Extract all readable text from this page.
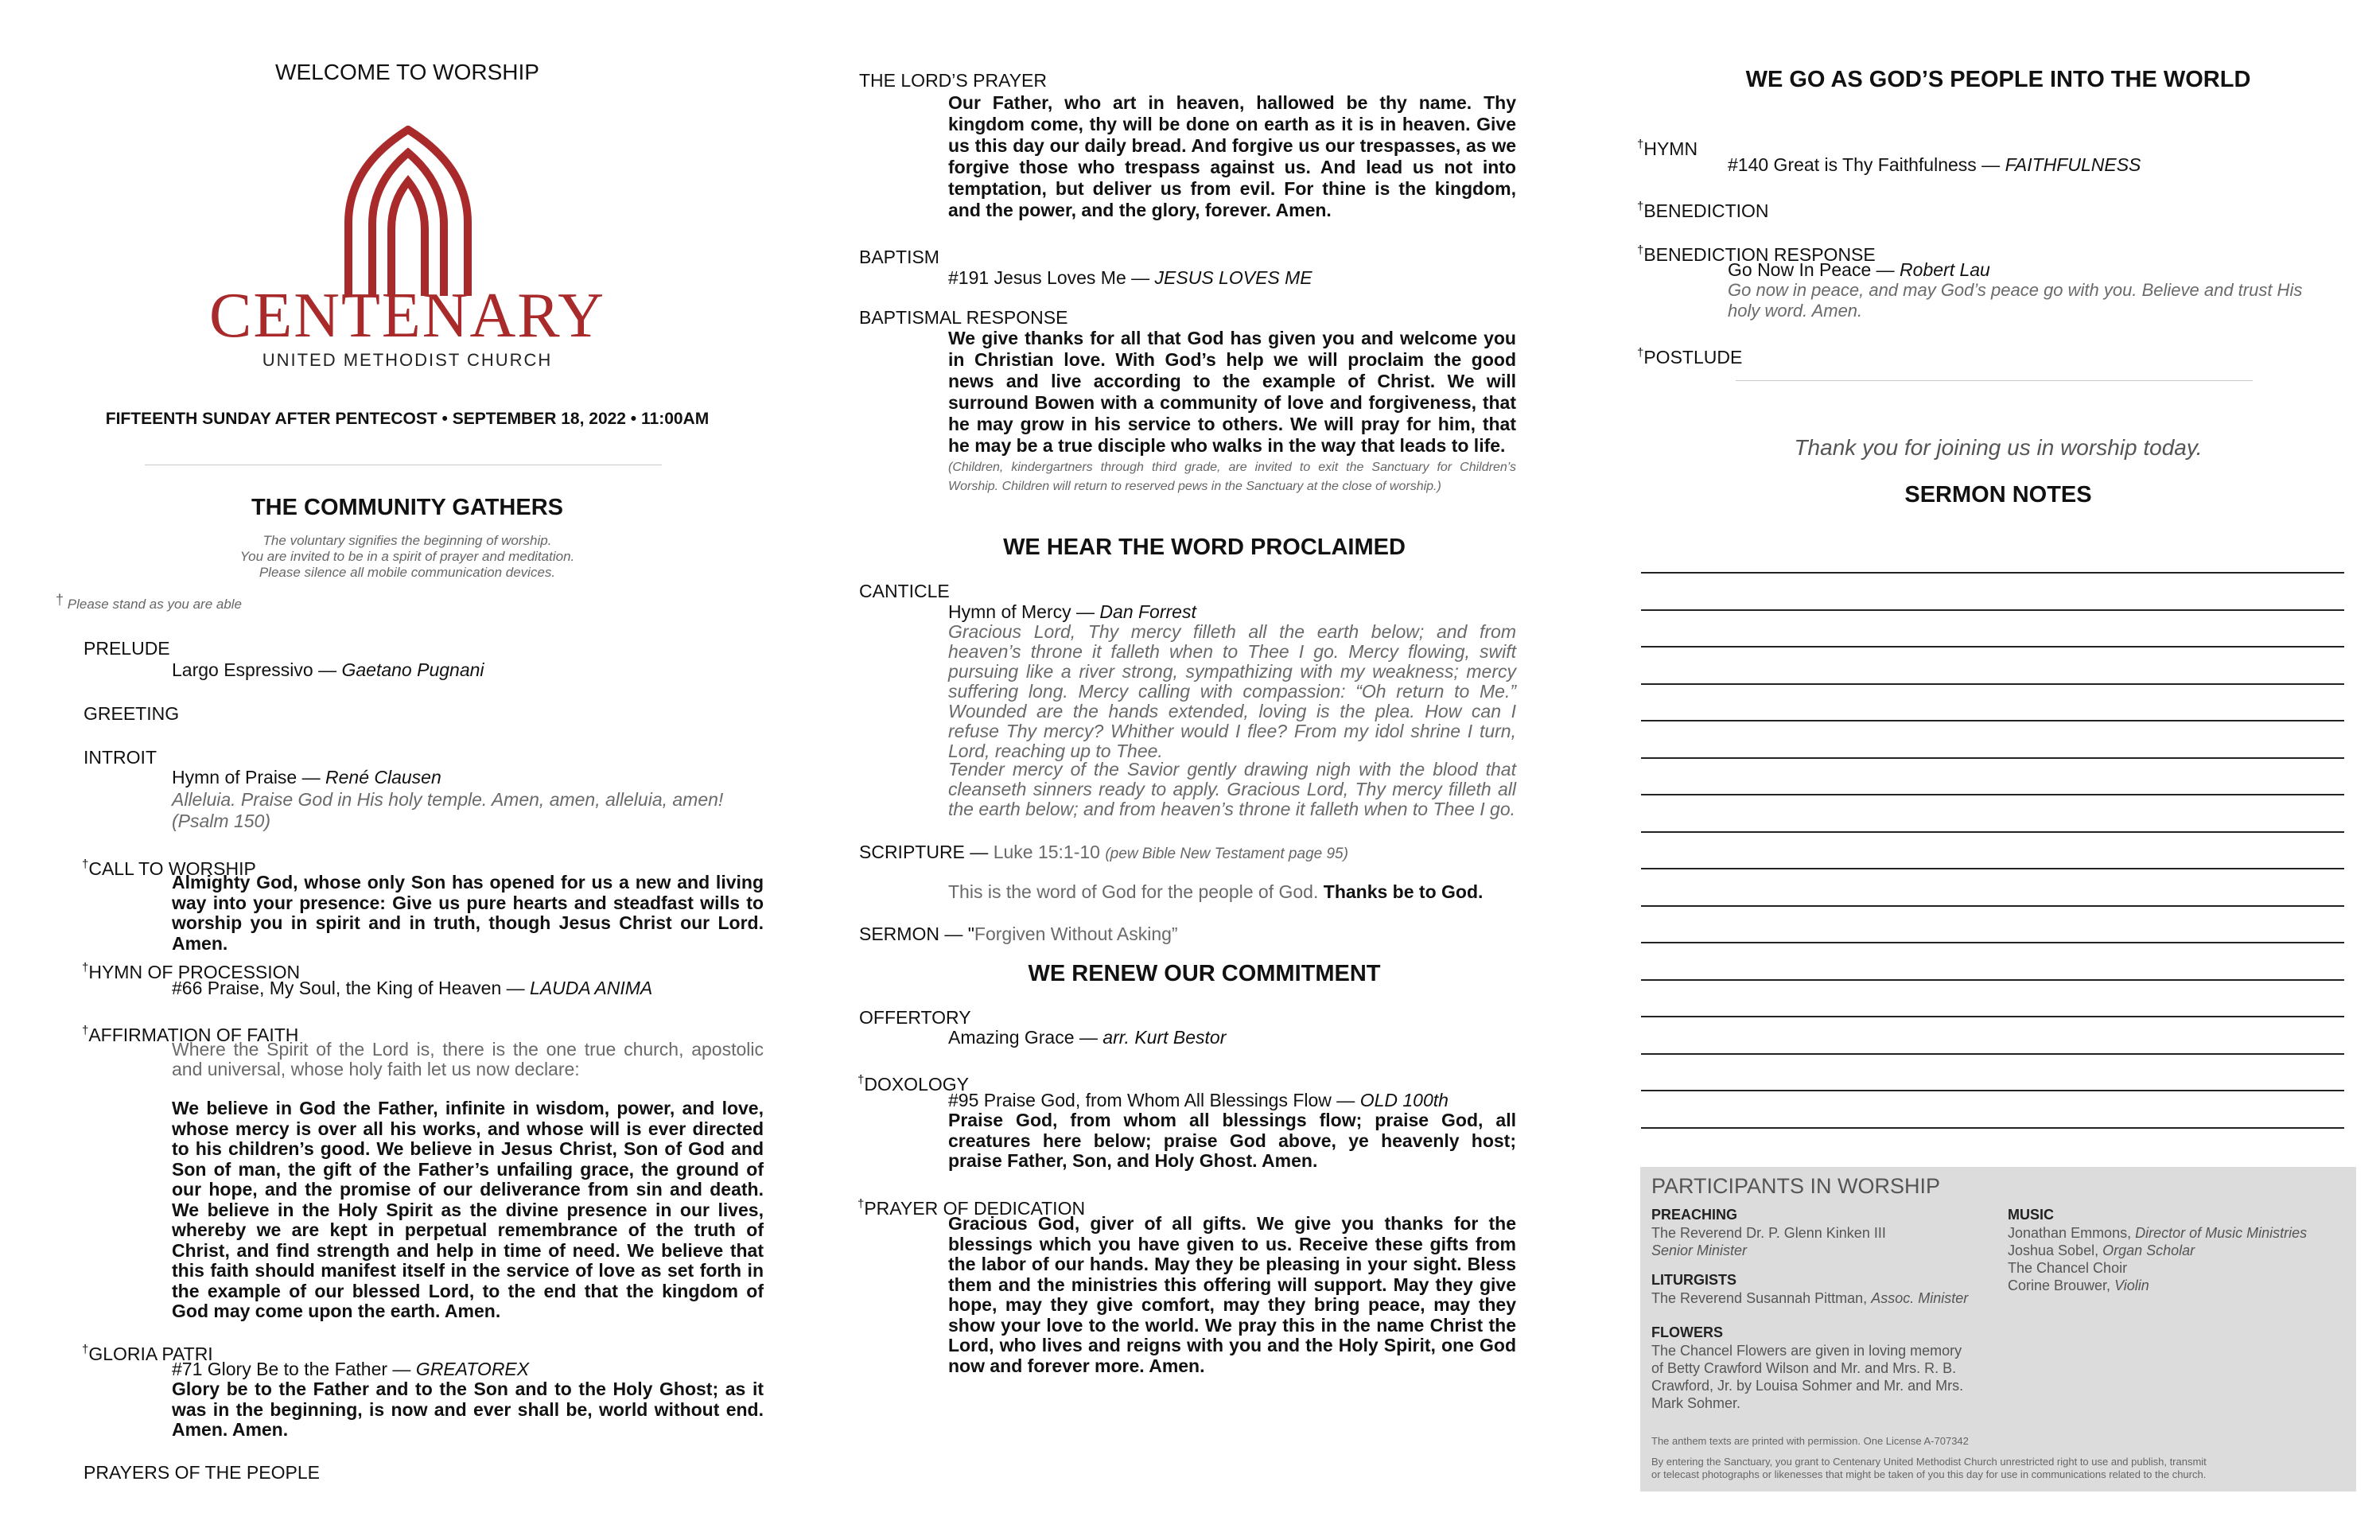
WELCOME TO WORSHIP
CENTENARY
UNITED METHODIST CHURCH
FIFTEENTH SUNDAY AFTER PENTECOST • SEPTEMBER 18, 2022 • 11:00AM
THE COMMUNITY GATHERS
The voluntary signifies the beginning of worship.
You are invited to be in a spirit of prayer and meditation.
Please silence all mobile communication devices.
† Please stand as you are able
PRELUDE
Largo Espressivo — Gaetano Pugnani
GREETING
INTROIT
Hymn of Praise — René Clausen
Alleluia. Praise God in His holy temple. Amen, amen, alleluia, amen!
(Psalm 150)
†CALL TO WORSHIP
Almighty God, whose only Son has opened for us a new and living way into your presence: Give us pure hearts and steadfast wills to worship you in spirit and in truth, though Jesus Christ our Lord. Amen.
†HYMN OF PROCESSION
#66 Praise, My Soul, the King of Heaven — LAUDA ANIMA
†AFFIRMATION OF FAITH
Where the Spirit of the Lord is, there is the one true church, apostolic and universal, whose holy faith let us now declare:
We believe in God the Father, infinite in wisdom, power, and love, whose mercy is over all his works, and whose will is ever directed to his children’s good. We believe in Jesus Christ, Son of God and Son of man, the gift of the Father’s unfailing grace, the ground of our hope, and the promise of our deliverance from sin and death. We believe in the Holy Spirit as the divine presence in our lives, whereby we are kept in perpetual remembrance of the truth of Christ, and find strength and help in time of need. We believe that this faith should manifest itself in the service of love as set forth in the example of our blessed Lord, to the end that the kingdom of God may come upon the earth. Amen.
†GLORIA PATRI
#71 Glory Be to the Father — GREATOREX
Glory be to the Father and to the Son and to the Holy Ghost; as it was in the beginning, is now and ever shall be, world without end. Amen. Amen.
PRAYERS OF THE PEOPLE
THE LORD’S PRAYER
Our Father, who art in heaven, hallowed be thy name. Thy kingdom come, thy will be done on earth as it is in heaven. Give us this day our daily bread. And forgive us our trespasses, as we forgive those who trespass against us. And lead us not into temptation, but deliver us from evil. For thine is the kingdom, and the power, and the glory, forever. Amen.
BAPTISM
#191 Jesus Loves Me — JESUS LOVES ME
BAPTISMAL RESPONSE
We give thanks for all that God has given you and welcome you in Christian love. With God’s help we will proclaim the good news and live according to the example of Christ. We will surround Bowen with a community of love and forgiveness, that he may grow in his service to others. We will pray for him, that he may be a true disciple who walks in the way that leads to life.
(Children, kindergartners through third grade, are invited to exit the Sanctuary for Children’s Worship. Children will return to reserved pews in the Sanctuary at the close of worship.)
WE HEAR THE WORD PROCLAIMED
CANTICLE
Hymn of Mercy — Dan Forrest
Gracious Lord, Thy mercy filleth all the earth below; and from heaven’s throne it falleth when to Thee I go. Mercy flowing, swift pursuing like a river strong, sympathizing with my weakness; mercy suffering long. Mercy calling with compassion: “Oh return to Me.” Wounded are the hands extended, loving is the plea. How can I refuse Thy mercy? Whither would I flee? From my idol shrine I turn, Lord, reaching up to Thee.
Tender mercy of the Savior gently drawing nigh with the blood that cleanseth sinners ready to apply. Gracious Lord, Thy mercy filleth all the earth below; and from heaven’s throne it falleth when to Thee I go.
SCRIPTURE — Luke 15:1-10 (pew Bible New Testament page 95)
This is the word of God for the people of God. Thanks be to God.
SERMON — "Forgiven Without Asking”
WE RENEW OUR COMMITMENT
OFFERTORY
Amazing Grace — arr. Kurt Bestor
†DOXOLOGY
#95 Praise God, from Whom All Blessings Flow — OLD 100th
Praise God, from whom all blessings flow; praise God, all creatures here below; praise God above, ye heavenly host; praise Father, Son, and Holy Ghost. Amen.
†PRAYER OF DEDICATION
Gracious God, giver of all gifts. We give you thanks for the blessings which you have given to us. Receive these gifts from the labor of our hands. May they be pleasing in your sight. Bless them and the ministries this offering will support. May they give hope, may they give comfort, may they bring peace, may they show your love to the world. We pray this in the name Christ the Lord, who lives and reigns with you and the Holy Spirit, one God now and forever more. Amen.
WE GO AS GOD’S PEOPLE INTO THE WORLD
†HYMN
#140 Great is Thy Faithfulness — FAITHFULNESS
†BENEDICTION
†BENEDICTION RESPONSE
Go Now In Peace — Robert Lau
Go now in peace, and may God’s peace go with you. Believe and trust His holy word. Amen.
†POSTLUDE
Thank you for joining us in worship today.
SERMON NOTES
PARTICIPANTS IN WORSHIP
PREACHING
The Reverend Dr. P. Glenn Kinken III
Senior Minister
LITURGISTS
The Reverend Susannah Pittman, Assoc. Minister
FLOWERS
The Chancel Flowers are given in loving memory
of Betty Crawford Wilson and Mr. and Mrs. R. B.
Crawford, Jr. by Louisa Sohmer and Mr. and Mrs.
Mark Sohmer.
MUSIC
Jonathan Emmons, Director of Music Ministries
Joshua Sobel, Organ Scholar
The Chancel Choir
Corine Brouwer, Violin
The anthem texts are printed with permission. One License A-707342
By entering the Sanctuary, you grant to Centenary United Methodist Church unrestricted right to use and publish, transmit
or telecast photographs or likenesses that might be taken of you this day for use in communications related to the church.
